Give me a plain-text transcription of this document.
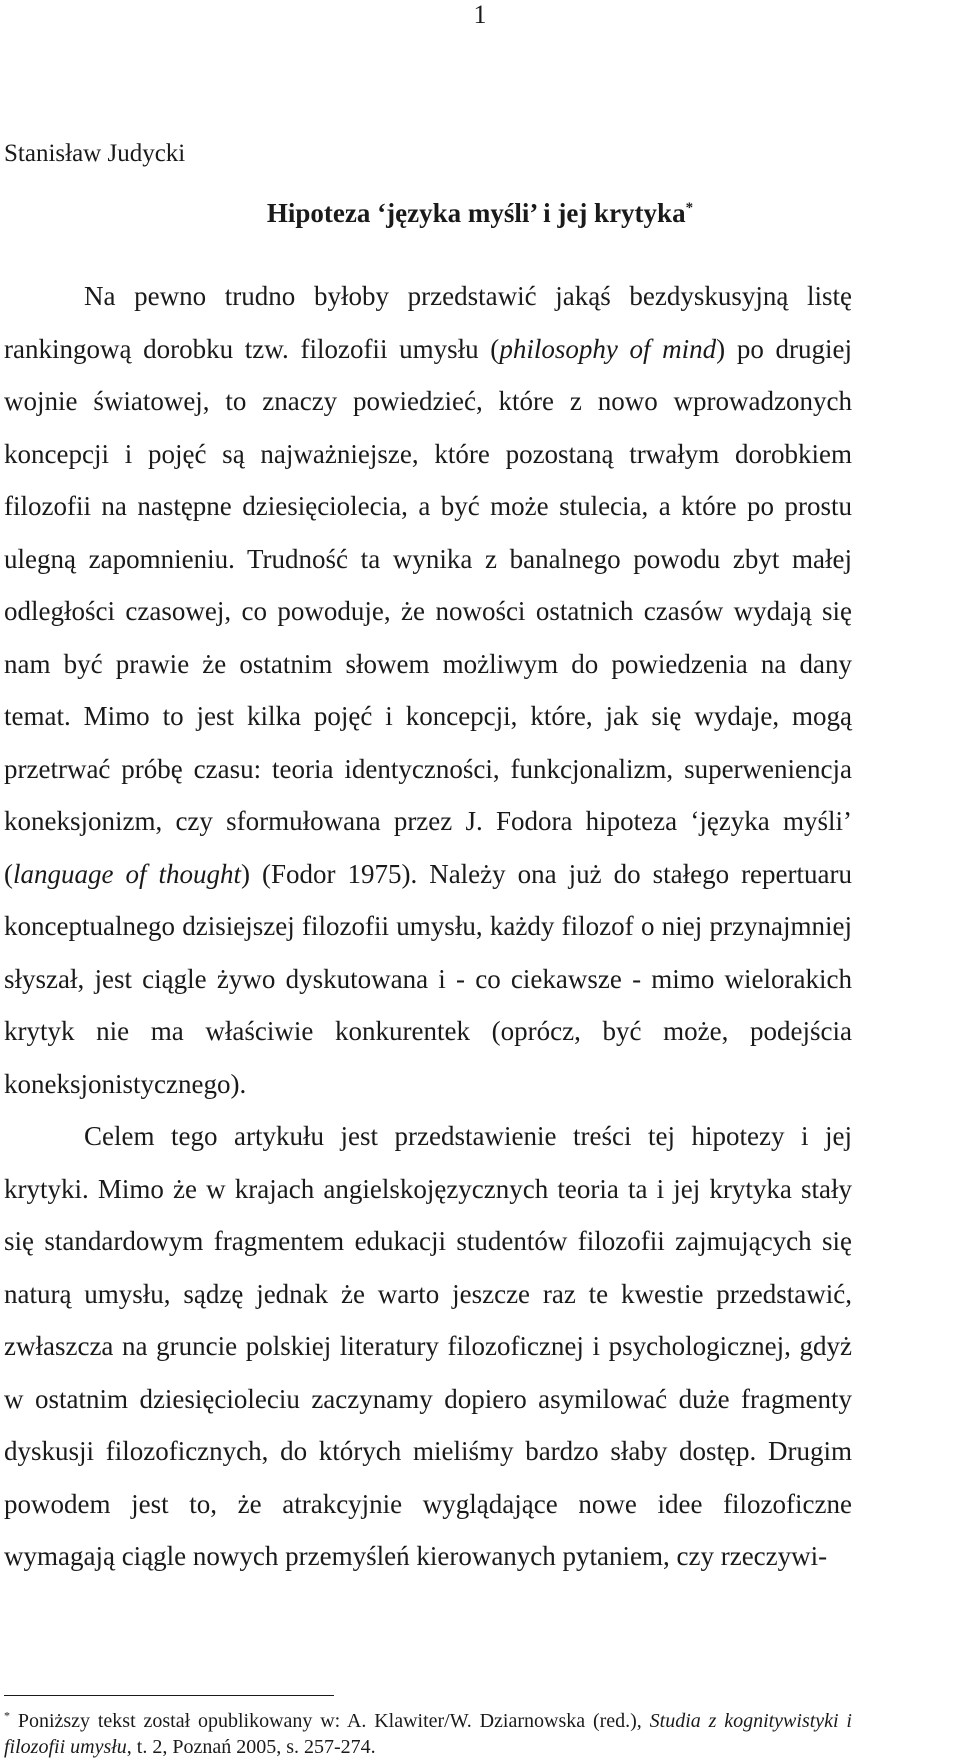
1
Stanisław Judycki
Hipoteza ‘języka myśli’ i jej krytyka*

Na pewno trudno byłoby przedstawić jakąś bezdyskusyjną listę rankingową dorobku tzw. filozofii umysłu (philosophy of mind) po drugiej wojnie światowej, to znaczy powiedzieć, które z nowo wprowadzonych koncepcji i pojęć są najważniejsze, które pozostaną trwałym dorobkiem filozofii na następne dziesięciolecia, a być może stulecia, a które po prostu ulegną zapomnieniu. Trudność ta wynika z banalnego powodu zbyt małej odległości czasowej, co powoduje, że nowości ostatnich czasów wydają się nam być prawie że ostatnim słowem możliwym do powiedzenia na dany temat. Mimo to jest kilka pojęć i koncepcji, które, jak się wydaje, mogą przetrwać próbę czasu: teoria identyczności, funkcjonalizm, superweniencja koneksjonizm, czy sformułowana przez J. Fodora hipoteza ‘języka myśli’ (language of thought) (Fodor 1975). Należy ona już do stałego repertuaru konceptualnego dzisiejszej filozofii umysłu, każdy filozof o niej przynajmniej słyszał, jest ciągle żywo dyskutowana i - co ciekawsze - mimo wielorakich krytyk nie ma właściwie konkurentek (oprócz, być może, podejścia koneksjonistycznego).

Celem tego artykułu jest przedstawienie treści tej hipotezy i jej krytyki. Mimo że w krajach angielskojęzycznych teoria ta i jej krytyka stały się standardowym fragmentem edukacji studentów filozofii zajmujących się naturą umysłu, sądzę jednak że warto jeszcze raz te kwestie przedstawić, zwłaszcza na gruncie polskiej literatury filozoficznej i psychologicznej, gdyż w ostatnim dziesięcioleciu zaczynamy dopiero asymilować duże fragmenty dyskusji filozoficznych, do których mieliśmy bardzo słaby dostęp. Drugim powodem jest to, że atrakcyjnie wyglądające nowe idee filozoficzne wymagają ciągle nowych przemyśleń kierowanych pytaniem, czy rzeczywi-

* Poniższy tekst został opublikowany w: A. Klawiter/W. Dziarnowska (red.), Studia z kognitywistyki i filozofii umysłu, t. 2, Poznań 2005, s. 257-274.
